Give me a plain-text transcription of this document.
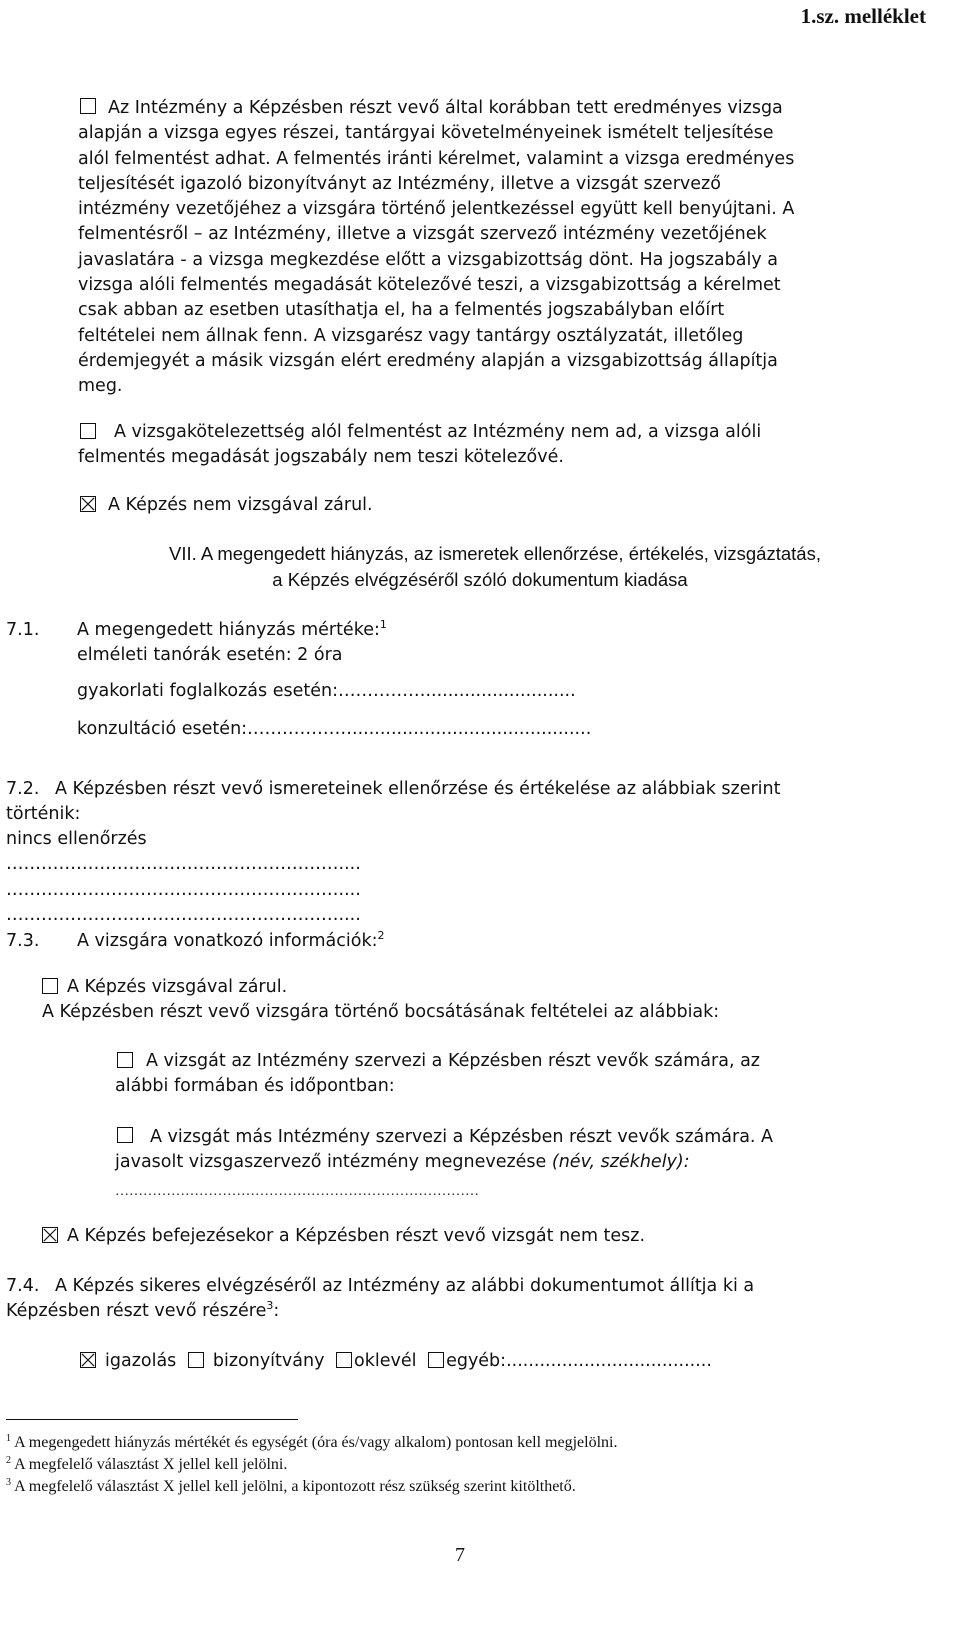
1.sz. melléklet
Az Intézmény a Képzésben részt vevő által korábban tett eredményes vizsga
alapján a vizsga egyes részei, tantárgyai követelményeinek ismételt teljesítése
alól felmentést adhat. A felmentés iránti kérelmet, valamint a vizsga eredményes
teljesítését igazoló bizonyítványt az Intézmény, illetve a vizsgát szervező
intézmény vezetőjéhez a vizsgára történő jelentkezéssel együtt kell benyújtani. A
felmentésről – az Intézmény, illetve a vizsgát szervező intézmény vezetőjének
javaslatára - a vizsga megkezdése előtt a vizsgabizottság dönt. Ha jogszabály a
vizsga alóli felmentés megadását kötelezővé teszi, a vizsgabizottság a kérelmet
csak abban az esetben utasíthatja el, ha a felmentés jogszabályban előírt
feltételei nem állnak fenn. A vizsgarész vagy tantárgy osztályzatát, illetőleg
érdemjegyét a másik vizsgán elért eredmény alapján a vizsgabizottság állapítja
meg.
A vizsgakötelezettség alól felmentést az Intézmény nem ad, a vizsga alóli
felmentés megadását jogszabály nem teszi kötelezővé.
A Képzés nem vizsgával zárul.
VII. A megengedett hiányzás, az ismeretek ellenőrzése, értékelés, vizsgáztatás,
a Képzés elvégzéséről szóló dokumentum kiadása
7.1. A megengedett hiányzás mértéke:$^1$
elméleti tanórák esetén: 2 óra
gyakorlati foglalkozás esetén:……………...........................
konzultáció esetén:………………...........................................
7.2. A Képzésben részt vevő ismereteinek ellenőrzése és értékelése az alábbiak szerint
történik:
nincs ellenőrzés
…………………………………………………....
…………………………………………………....
…………………………………………………....
7.3. A vizsgára vonatkozó információk:$^2$
A Képzés vizsgával zárul.
A Képzésben részt vevő vizsgára történő bocsátásának feltételei az alábbiak:
A vizsgát az Intézmény szervezi a Képzésben részt vevők számára, az
alábbi formában és időpontban:
A vizsgát más Intézmény szervezi a Képzésben részt vevők számára. A
javasolt vizsgaszervező intézmény megnevezése (név, székhely):
……………………………………………………………………
A Képzés befejezésekor a Képzésben részt vevő vizsgát nem tesz.
7.4. A Képzés sikeres elvégzéséről az Intézmény az alábbi dokumentumot állítja ki a
Képzésben részt vevő részére$^3$:
igazolás bizonyítvány oklevél egyéb:.....................................
$^1$ A megengedett hiányzás mértékét és egységét (óra és/vagy alkalom) pontosan kell megjelölni.
$^2$ A megfelelő választást X jellel kell jelölni.
$^3$ A megfelelő választást X jellel kell jelölni, a kipontozott rész szükség szerint kitölthető.
7
